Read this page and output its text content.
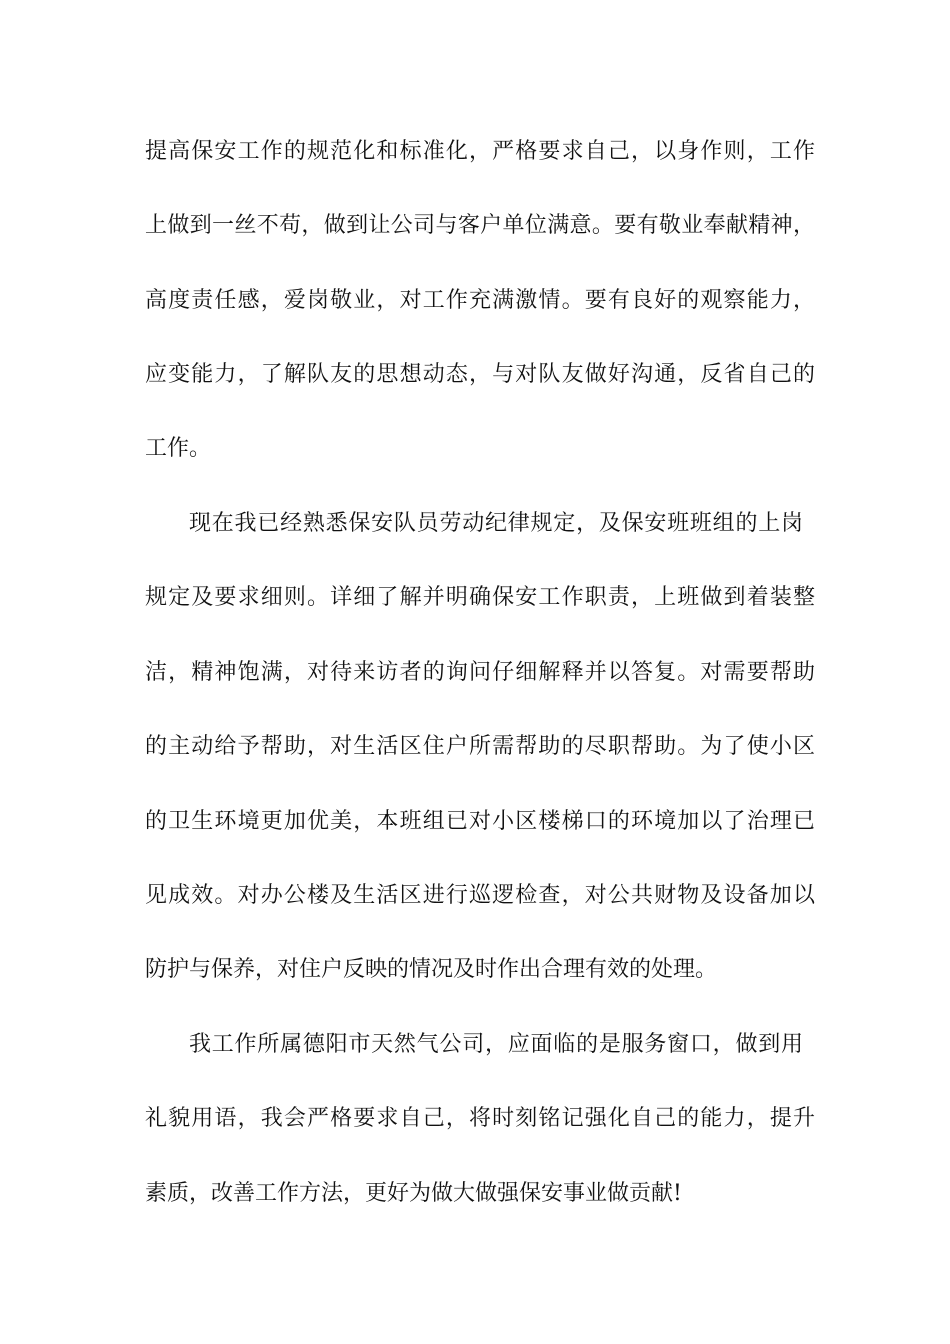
提高保安工作的规范化和标准化，严格要求自己，以身作则，工作
上做到一丝不苟，做到让公司与客户单位满意。要有敬业奉献精神，
高度责任感，爱岗敬业，对工作充满激情。要有良好的观察能力，
应变能力，了解队友的思想动态，与对队友做好沟通，反省自己的
工作。
现在我已经熟悉保安队员劳动纪律规定，及保安班班组的上岗
规定及要求细则。详细了解并明确保安工作职责，上班做到着装整
洁，精神饱满，对待来访者的询问仔细解释并以答复。对需要帮助
的主动给予帮助，对生活区住户所需帮助的尽职帮助。为了使小区
的卫生环境更加优美，本班组已对小区楼梯口的环境加以了治理已
见成效。对办公楼及生活区进行巡逻检查，对公共财物及设备加以
防护与保养，对住户反映的情况及时作出合理有效的处理。
我工作所属德阳市天然气公司，应面临的是服务窗口，做到用
礼貌用语，我会严格要求自己，将时刻铭记强化自己的能力，提升
素质，改善工作方法，更好为做大做强保安事业做贡献!
